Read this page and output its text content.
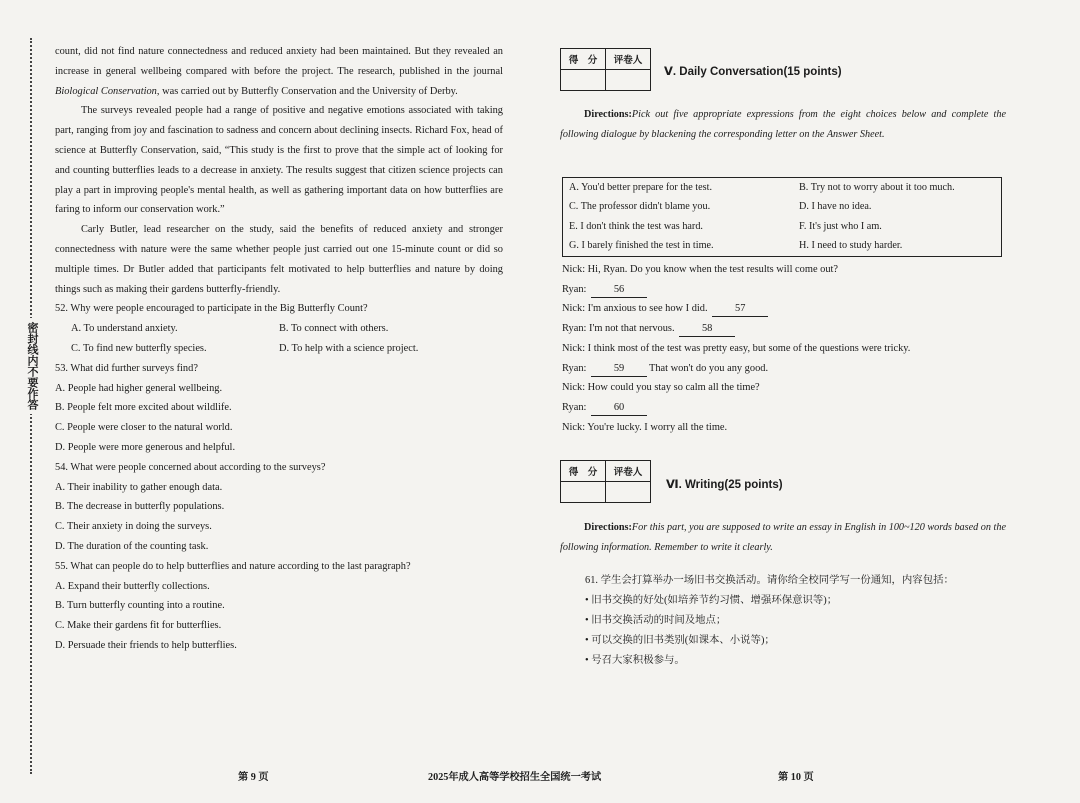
密封线内不要作答

count, did not find nature connectedness and reduced anxiety had been maintained. But they revealed an increase in general wellbeing compared with before the project. The research, published in the journal Biological Conservation, was carried out by Butterfly Conservation and the University of Derby.

The surveys revealed people had a range of positive and negative emotions associated with taking part, ranging from joy and fascination to sadness and concern about declining insects. Richard Fox, head of science at Butterfly Conservation, said, “This study is the first to prove that the simple act of looking for and counting butterflies leads to a decrease in anxiety. The results suggest that citizen science projects can play a part in improving people's mental health, as well as gathering important data on how butterflies are faring to inform our conservation work.”

Carly Butler, lead researcher on the study, said the benefits of reduced anxiety and stronger connectedness with nature were the same whether people just carried out one 15-minute count or did so multiple times. Dr Butler added that participants felt motivated to help butterflies and nature by doing things such as making their gardens butterfly-friendly.

52. Why were people encouraged to participate in the Big Butterfly Count?

A. To understand anxiety.	B. To connect with others.
C. To find new butterfly species.	D. To help with a science project.

53. What did further surveys find?

A. People had higher general wellbeing.

B. People felt more excited about wildlife.

C. People were closer to the natural world.

D. People were more generous and helpful.

54. What were people concerned about according to the surveys?

A. Their inability to gather enough data.

B. The decrease in butterfly populations.

C. Their anxiety in doing the surveys.

D. The duration of the counting task.

55. What can people do to help butterflies and nature according to the last paragraph?

A. Expand their butterfly collections.

B. Turn butterfly counting into a routine.

C. Make their gardens fit for butterflies.

D. Persuade their friends to help butterflies.

得　分	评卷人

Ⅴ. Daily Conversation(15 points)
Directions:Pick out five appropriate expressions from the eight choices below and complete the following dialogue by blackening the corresponding letter on the Answer Sheet.
A. You'd better prepare for the test.	B. Try not to worry about it too much.
C. The professor didn't blame you.	D. I have no idea.
E. I don't think the test was hard.	F. It's just who I am.
G. I barely finished the test in time.	H. I need to study harder.

Nick: Hi, Ryan. Do you know when the test results will come out?

Ryan:	56

Nick: I'm anxious to see how I did.	57

Ryan: I'm not that nervous.	58

Nick: I think most of the test was pretty easy, but some of the questions were tricky.

Ryan:	59 That won't do you any good.

Nick: How could you stay so calm all the time?

Ryan:	60

Nick: You're lucky. I worry all the time.

得　分	评卷人

Ⅵ. Writing(25 points)
Directions:For this part, you are supposed to write an essay in English in 100~120 words based on the following information. Remember to write it clearly.

61. 学生会打算举办一场旧书交换活动。请你给全校同学写一份通知，内容包括：

• 旧书交换的好处(如培养节约习惯、增强环保意识等)；

• 旧书交换活动的时间及地点；

• 可以交换的旧书类别(如课本、小说等)；

• 号召大家积极参与。

第 9 页	2025年成人高等学校招生全国统一考试	第 10 页
